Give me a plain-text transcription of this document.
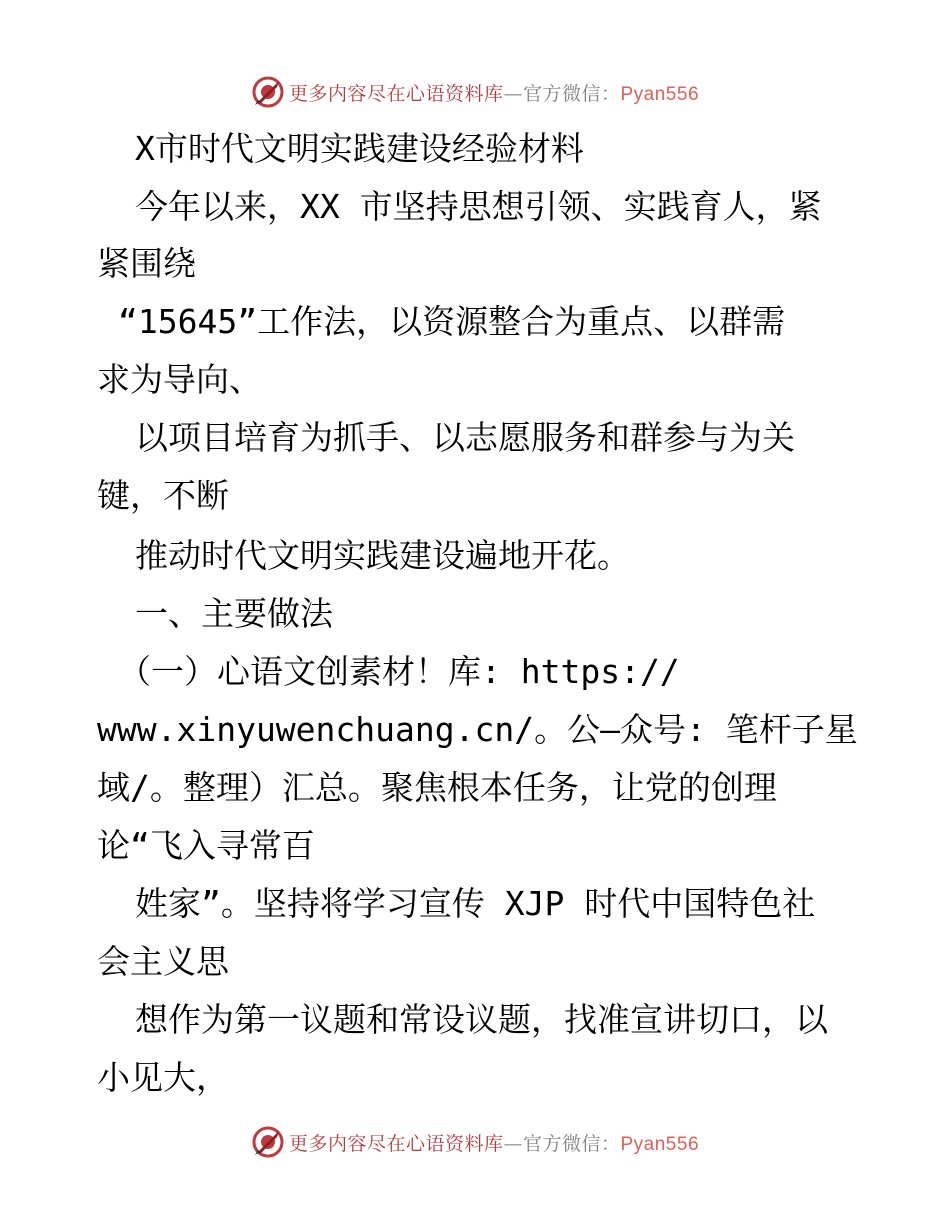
更多内容尽在心语资料库—官方微信：Pyan556

X市时代文明实践建设经验材料

今年以来，XX 市坚持思想引领、实践育人，紧

紧围绕

“15645”工作法，以资源整合为重点、以群需

求为导向、

以项目培育为抓手、以志愿服务和群参与为关

键，不断

推动时代文明实践建设遍地开花。

一、主要做法

（一）心语文创素材！库: https://

www.xinyuwenchuang.cn/。公—众号: 笔杆子星

域/。整理）汇总。聚焦根本任务，让党的创理

论“飞入寻常百

姓家”。坚持将学习宣传 XJP 时代中国特色社

会主义思

想作为第一议题和常设议题，找准宣讲切口，以

小见大，

更多内容尽在心语资料库—官方微信：Pyan556
